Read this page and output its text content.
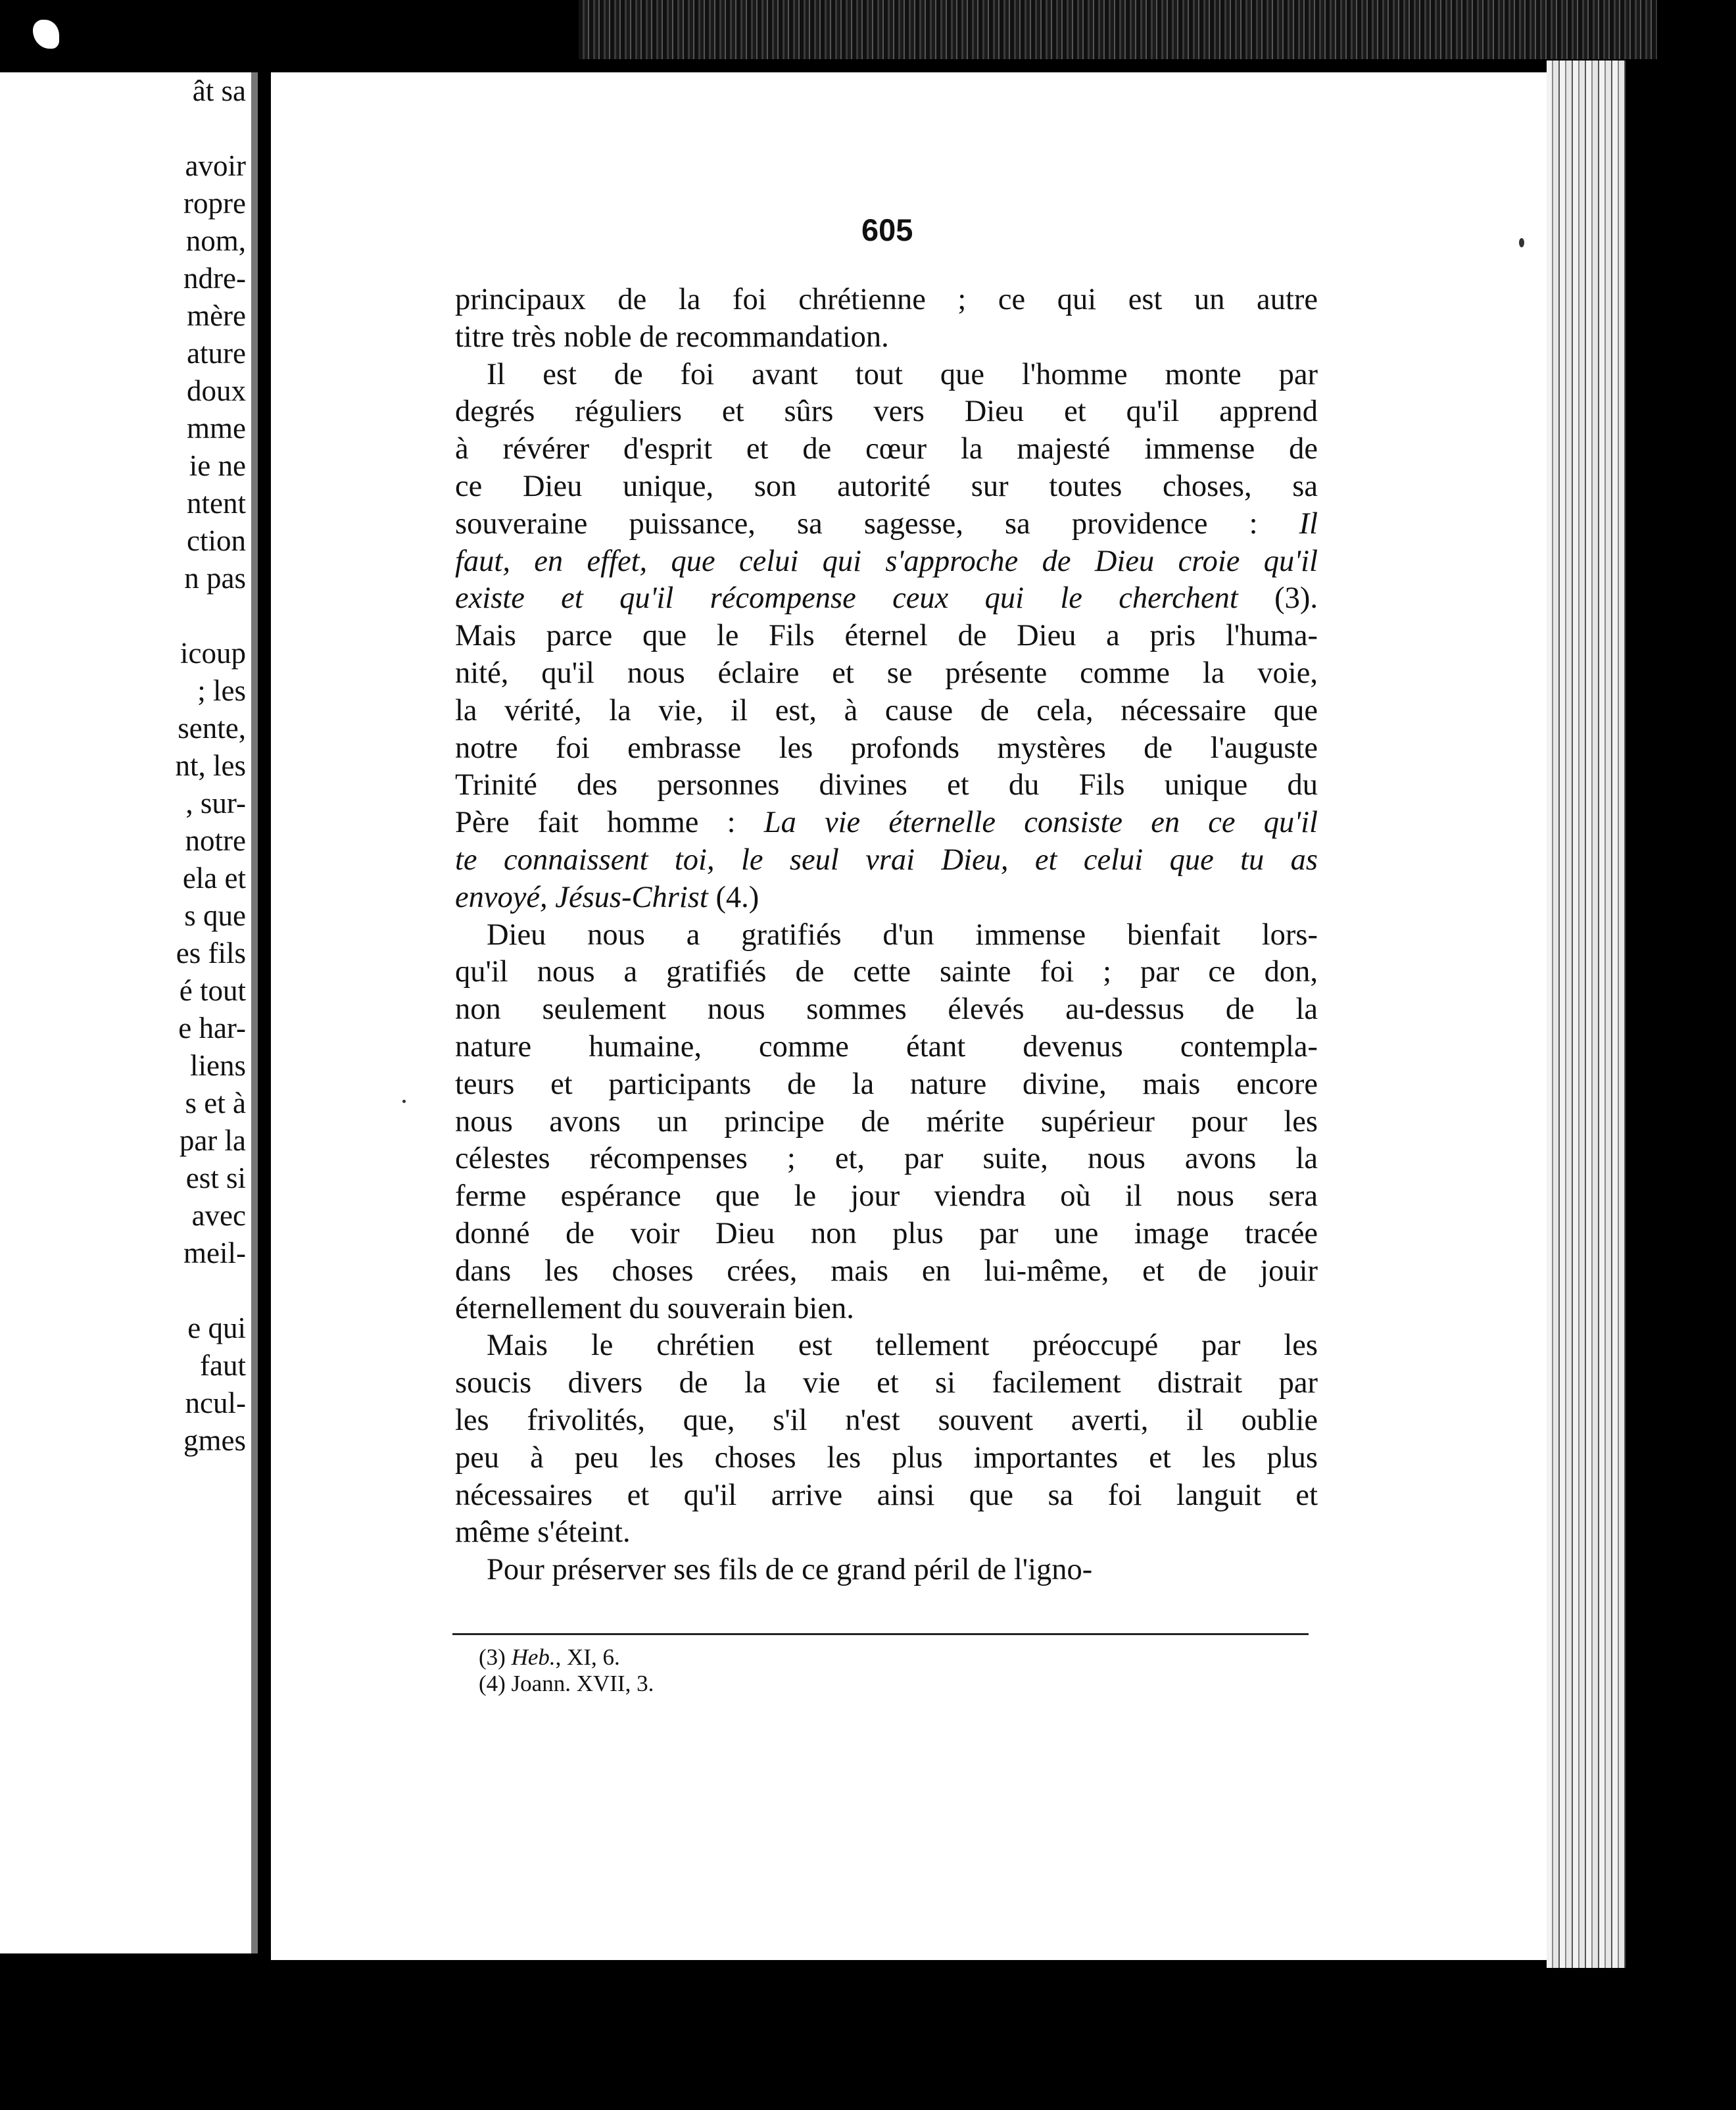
ât sa
avoir
ropre
nom,
ndre-
mère
ature
doux
mme
ie ne
ntent
ction
n pas
icoup
; les
sente,
nt, les
, sur-
notre
ela et
s que
es fils
é tout
e har-
liens
s et à
par la
est si
avec
meil-
e qui
faut
ncul-
gmes
605
principaux de la foi chrétienne ; ce qui est un autre
titre très noble de recommandation.
Il est de foi avant tout que l'homme monte par
degrés réguliers et sûrs vers Dieu et qu'il apprend
à révérer d'esprit et de cœur la majesté immense de
ce Dieu unique, son autorité sur toutes choses, sa
souveraine puissance, sa sagesse, sa providence : Il
faut, en effet, que celui qui s'approche de Dieu croie qu'il
existe et qu'il récompense ceux qui le cherchent (3).
Mais parce que le Fils éternel de Dieu a pris l'huma-
nité, qu'il nous éclaire et se présente comme la voie,
la vérité, la vie, il est, à cause de cela, nécessaire que
notre foi embrasse les profonds mystères de l'auguste
Trinité des personnes divines et du Fils unique du
Père fait homme : La vie éternelle consiste en ce qu'il
te connaissent toi, le seul vrai Dieu, et celui que tu as
envoyé, Jésus-Christ (4.)
Dieu nous a gratifiés d'un immense bienfait lors-
qu'il nous a gratifiés de cette sainte foi ; par ce don,
non seulement nous sommes élevés au-dessus de la
nature humaine, comme étant devenus contempla-
teurs et participants de la nature divine, mais encore
nous avons un principe de mérite supérieur pour les
célestes récompenses ; et, par suite, nous avons la
ferme espérance que le jour viendra où il nous sera
donné de voir Dieu non plus par une image tracée
dans les choses crées, mais en lui-même, et de jouir
éternellement du souverain bien.
Mais le chrétien est tellement préoccupé par les
soucis divers de la vie et si facilement distrait par
les frivolités, que, s'il n'est souvent averti, il oublie
peu à peu les choses les plus importantes et les plus
nécessaires et qu'il arrive ainsi que sa foi languit et
même s'éteint.
Pour préserver ses fils de ce grand péril de l'igno-
(3) Heb., XI, 6.
(4) Joann. XVII, 3.
